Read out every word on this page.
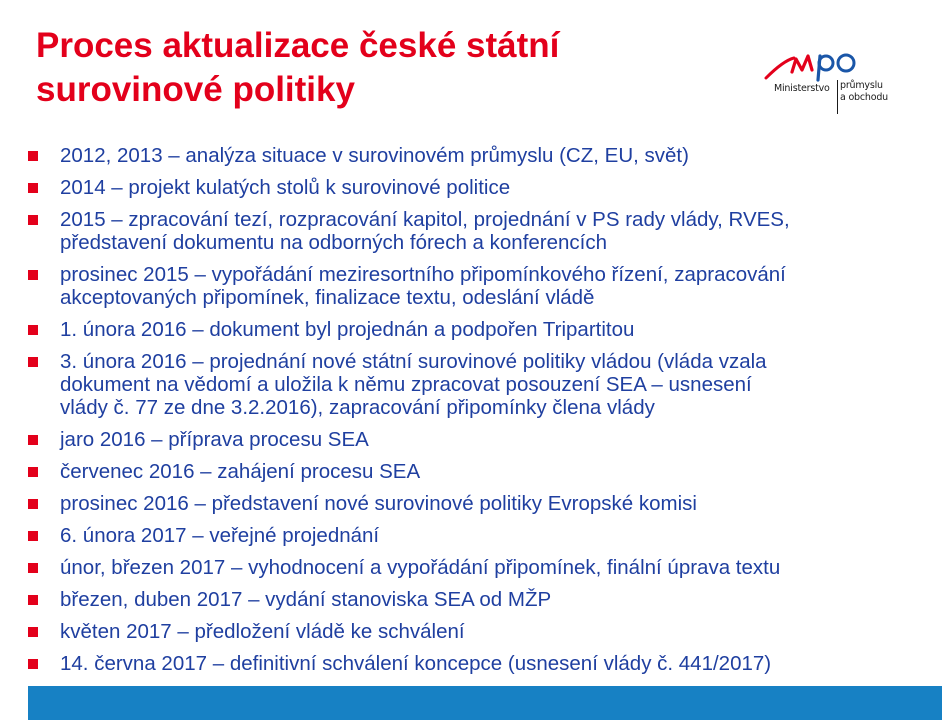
Proces aktualizace české státní
surovinové politiky	Ministerstvo průmyslu
a obchodu
2012, 2013 – analýza situace v surovinovém průmyslu (CZ, EU, svět)
2014 – projekt kulatých stolů k surovinové politice
2015 – zpracování tezí, rozpracování kapitol, projednání v PS rady vlády, RVES,
představení dokumentu na odborných fórech a konferencích
prosinec 2015 – vypořádání meziresortního připomínkového řízení, zapracování
akceptovaných připomínek, finalizace textu, odeslání vládě
1. února 2016 – dokument byl projednán a podpořen Tripartitou
3. února 2016 – projednání nové státní surovinové politiky vládou (vláda vzala
dokument na vědomí a uložila k němu zpracovat posouzení SEA – usnesení
vlády č. 77 ze dne 3.2.2016), zapracování připomínky člena vlády
jaro 2016 – příprava procesu SEA
červenec 2016 – zahájení procesu SEA
prosinec 2016 – představení nové surovinové politiky Evropské komisi
6. února 2017 – veřejné projednání
únor, březen 2017 – vyhodnocení a vypořádání připomínek, finální úprava textu
březen, duben 2017 – vydání stanoviska SEA od MŽP
květen 2017 – předložení vládě ke schválení
14. června 2017 – definitivní schválení koncepce (usnesení vlády č. 441/2017)
